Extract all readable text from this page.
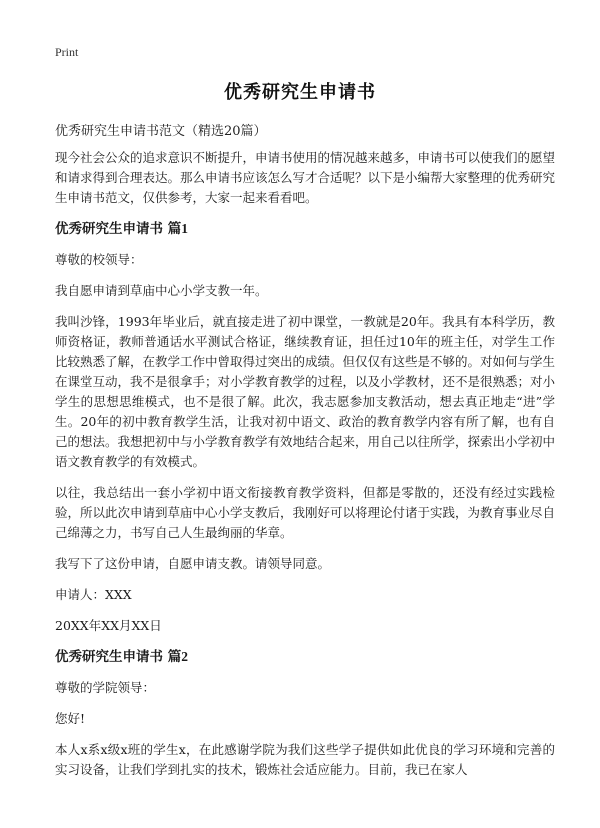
Print
优秀研究生申请书
优秀研究生申请书范文（精选20篇）

现今社会公众的追求意识不断提升，申请书使用的情况越来越多，申请书可以使我们的愿望和请求得到合理表达。那么申请书应该怎么写才合适呢？以下是小编帮大家整理的优秀研究生申请书范文，仅供参考，大家一起来看看吧。

优秀研究生申请书 篇1

尊敬的校领导：

我自愿申请到草庙中心小学支教一年。

我叫沙锋，1993年毕业后，就直接走进了初中课堂，一教就是20年。我具有本科学历，教师资格证，教师普通话水平测试合格证，继续教育证，担任过10年的班主任，对学生工作比较熟悉了解，在教学工作中曾取得过突出的成绩。但仅仅有这些是不够的。对如何与学生在课堂互动，我不是很拿手；对小学教育教学的过程，以及小学教材，还不是很熟悉；对小学生的思想思维模式，也不是很了解。此次，我志愿参加支教活动，想去真正地走“进”学生。20年的初中教育教学生活，让我对初中语文、政治的教育教学内容有所了解，也有自己的想法。我想把初中与小学教育教学有效地结合起来，用自己以往所学，探索出小学初中语文教育教学的有效模式。

以往，我总结出一套小学初中语文衔接教育教学资料，但都是零散的，还没有经过实践检验，所以此次申请到草庙中心小学支教后，我刚好可以将理论付诸于实践，为教育事业尽自己绵薄之力，书写自己人生最绚丽的华章。

我写下了这份申请，自愿申请支教。请领导同意。

申请人：XXX

20XX年XX月XX日

优秀研究生申请书 篇2

尊敬的学院领导：

您好!

本人x系x级x班的学生x，在此感谢学院为我们这些学子提供如此优良的学习环境和完善的实习设备，让我们学到扎实的技术，锻炼社会适应能力。目前，我已在家人
